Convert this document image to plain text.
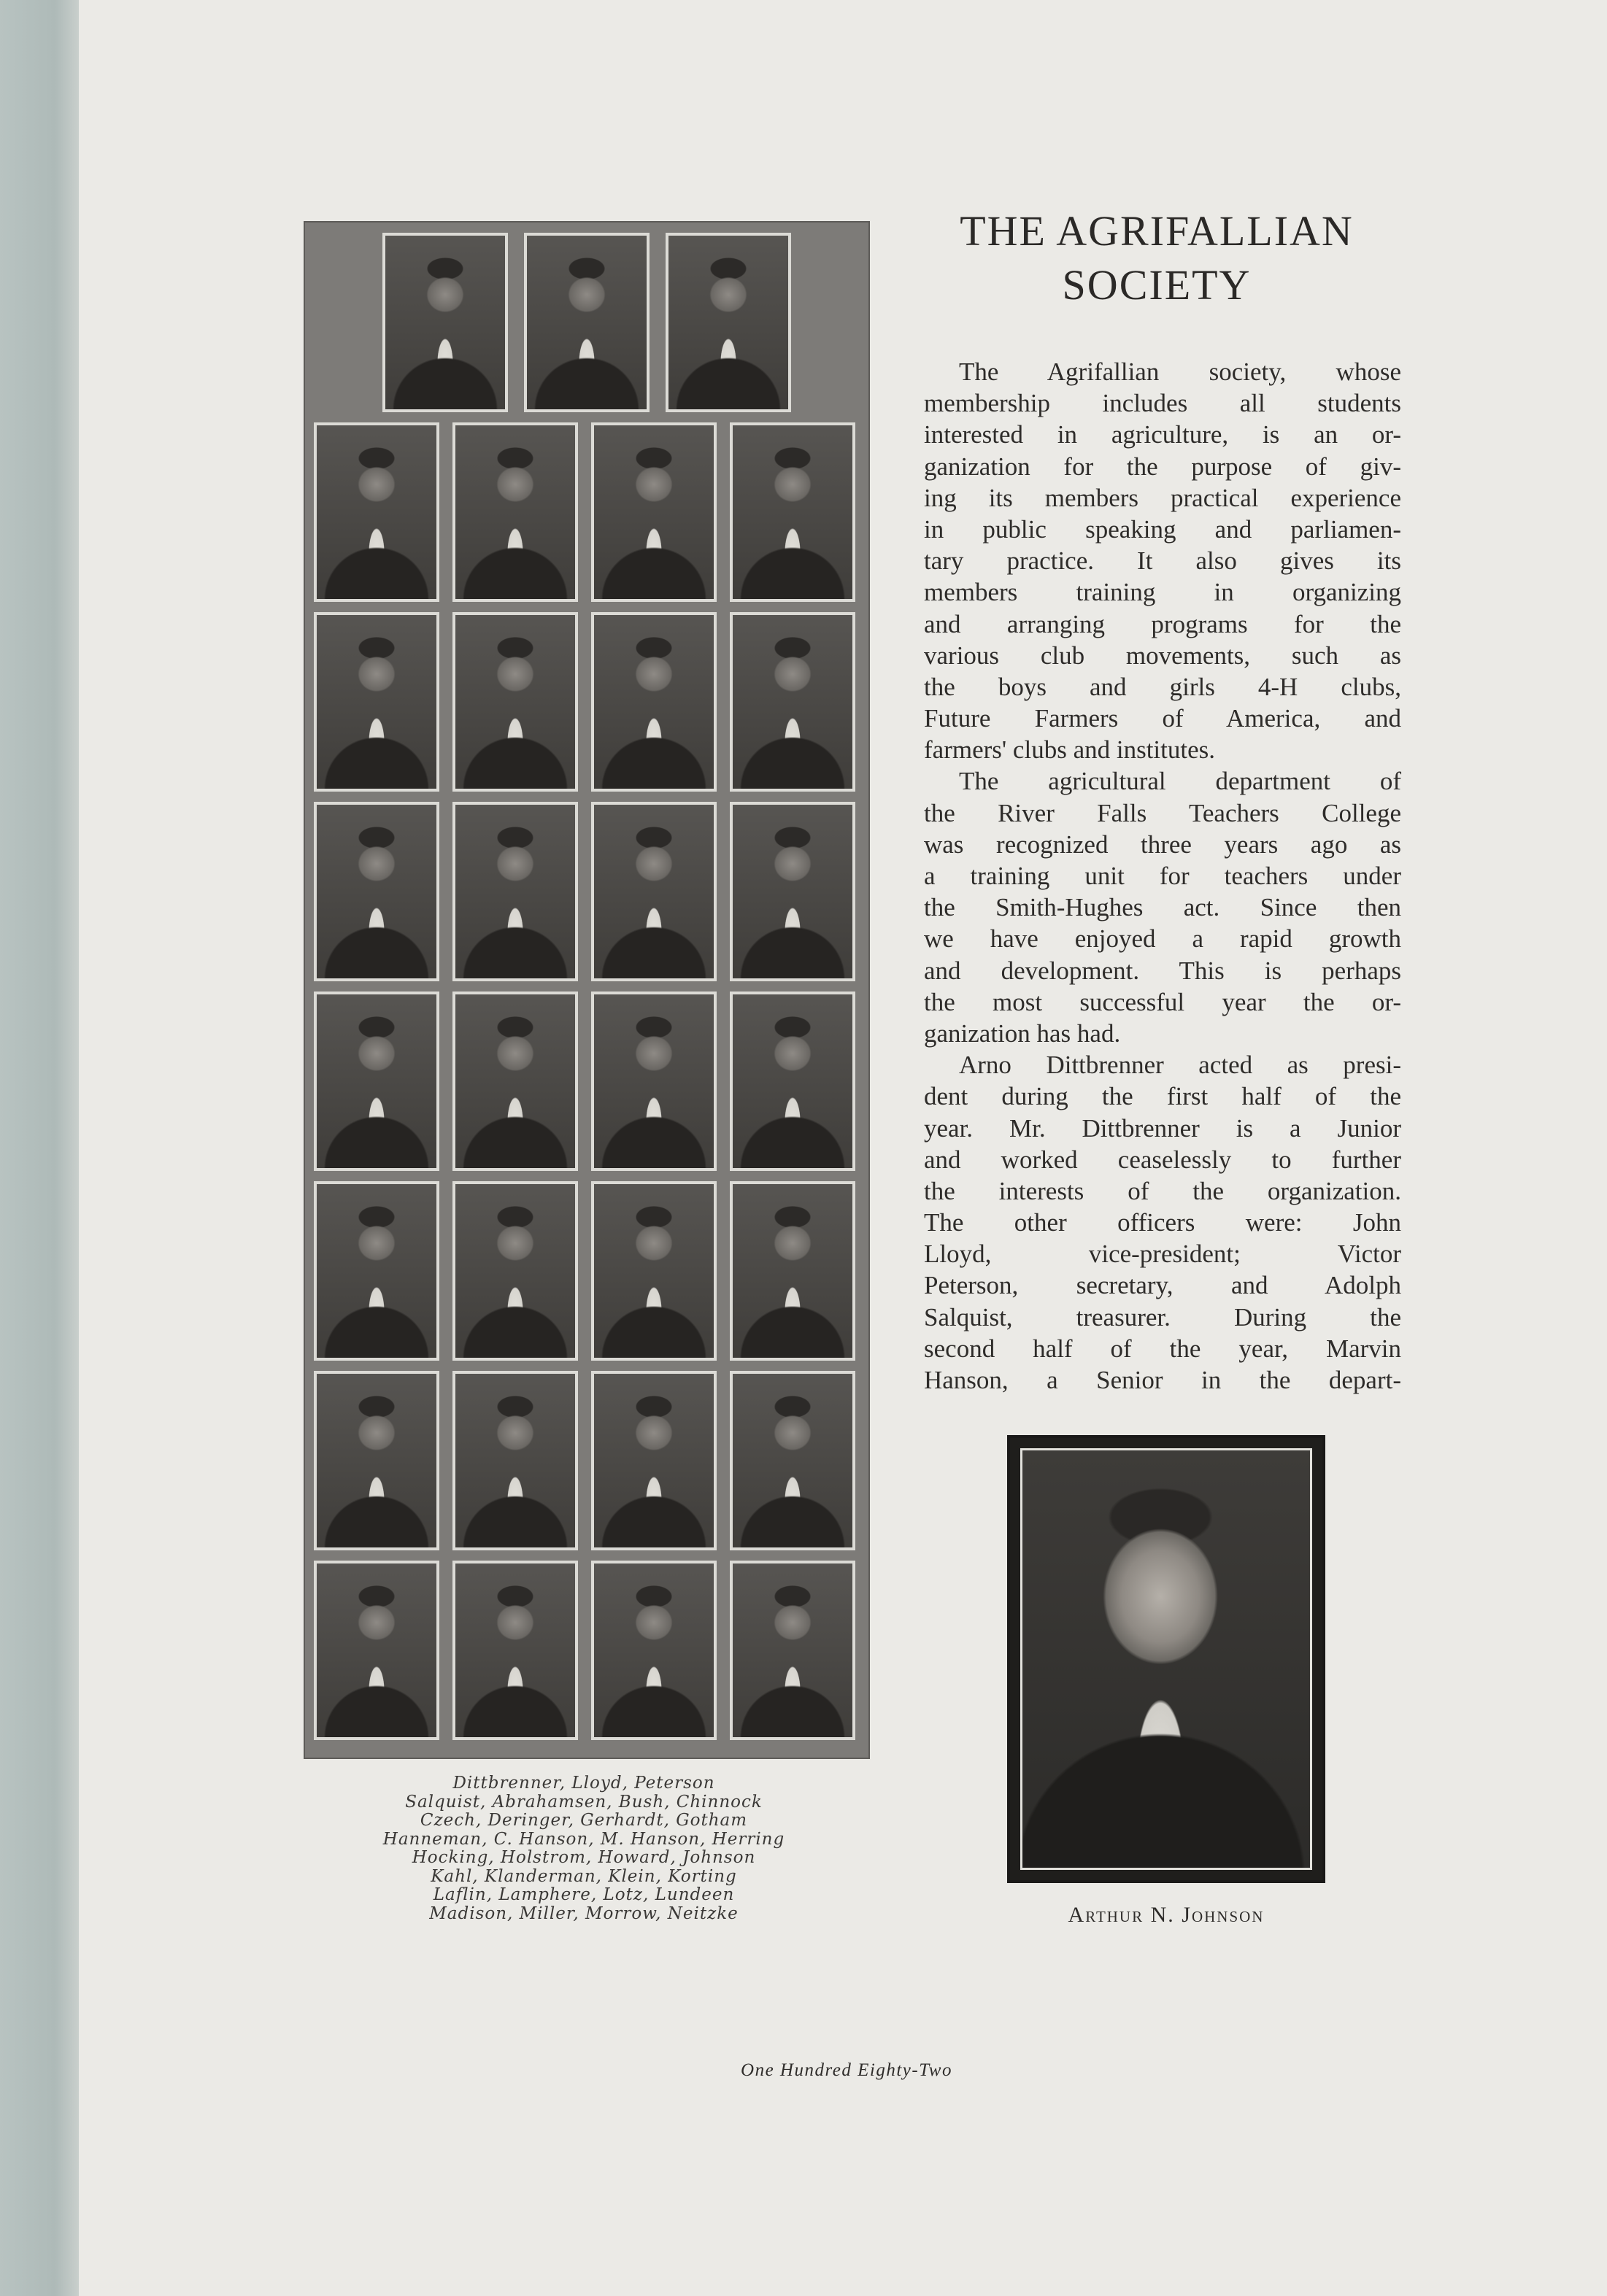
THE AGRIFALLIAN
SOCIETY
The Agrifallian society, whose
membership includes all students
interested in agriculture, is an or-
ganization for the purpose of giv-
ing its members practical experience
in public speaking and parliamen-
tary practice. It also gives its
members training in organizing
and arranging programs for the
various club movements, such as
the boys and girls 4-H clubs,
Future Farmers of America, and
farmers' clubs and institutes.
The agricultural department of
the River Falls Teachers College
was recognized three years ago as
a training unit for teachers under
the Smith-Hughes act. Since then
we have enjoyed a rapid growth
and development. This is perhaps
the most successful year the or-
ganization has had.
Arno Dittbrenner acted as presi-
dent during the first half of the
year. Mr. Dittbrenner is a Junior
and worked ceaselessly to further
the interests of the organization.
The other officers were: John
Lloyd, vice-president; Victor
Peterson, secretary, and Adolph
Salquist, treasurer. During the
second half of the year, Marvin
Hanson, a Senior in the depart-
Dittbrenner, Lloyd, Peterson
Salquist, Abrahamsen, Bush, Chinnock
Czech, Deringer, Gerhardt, Gotham
Hanneman, C. Hanson, M. Hanson, Herring
Hocking, Holstrom, Howard, Johnson
Kahl, Klanderman, Klein, Korting
Laflin, Lamphere, Lotz, Lundeen
Madison, Miller, Morrow, Neitzke	Arthur N. Johnson
One Hundred Eighty-Two
